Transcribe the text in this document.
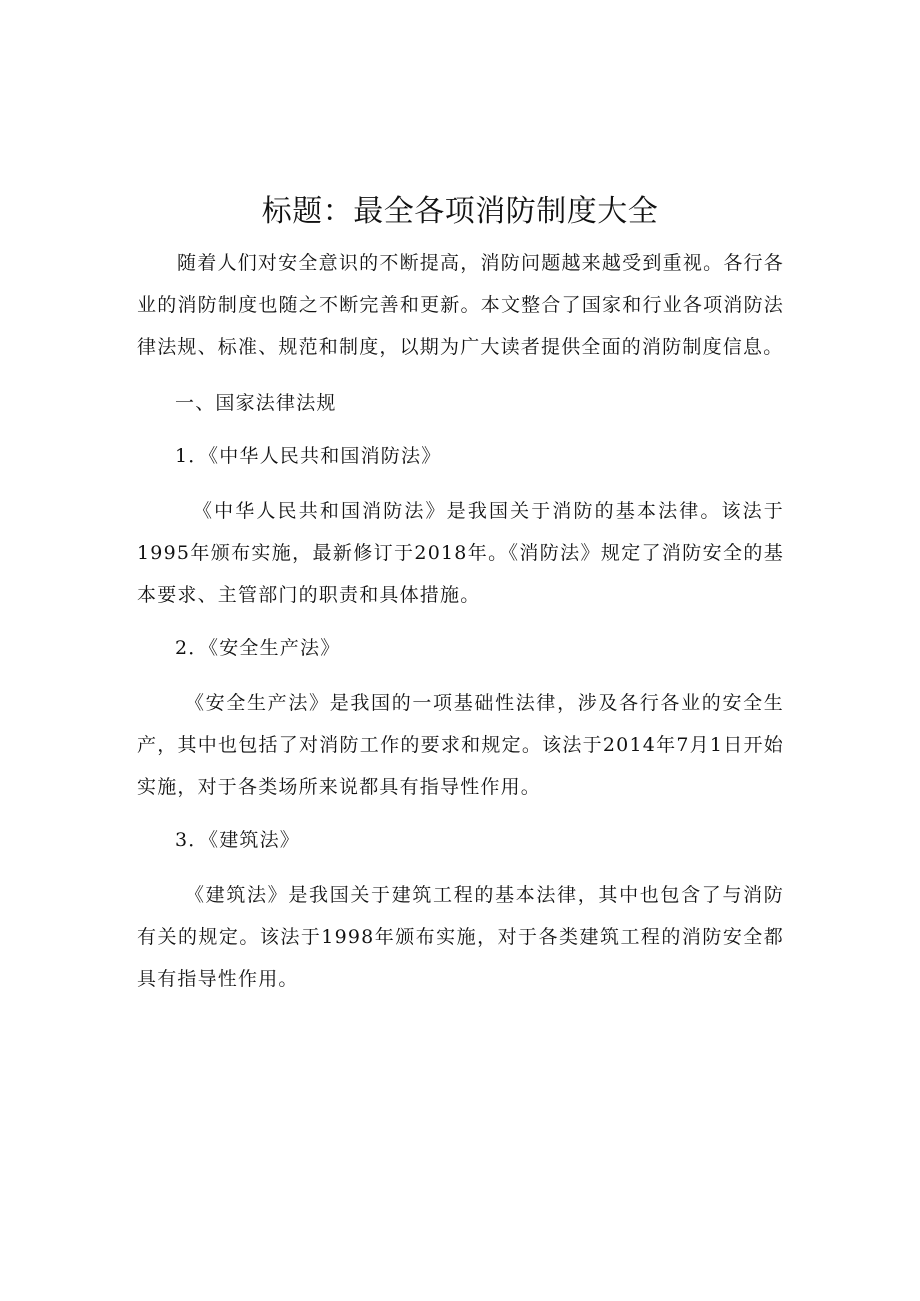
标题：最全各项消防制度大全

随着人们对安全意识的不断提高，消防问题越来越受到重视。各行各业的消防制度也随之不断完善和更新。本文整合了国家和行业各项消防法律法规、标准、规范和制度，以期为广大读者提供全面的消防制度信息。

一、国家法律法规

1．《中华人民共和国消防法》

《中华人民共和国消防法》是我国关于消防的基本法律。该法于1995年颁布实施，最新修订于2018年。《消防法》规定了消防安全的基本要求、主管部门的职责和具体措施。

2．《安全生产法》

《安全生产法》是我国的一项基础性法律，涉及各行各业的安全生产，其中也包括了对消防工作的要求和规定。该法于2014年7月1日开始实施，对于各类场所来说都具有指导性作用。

3．《建筑法》

《建筑法》是我国关于建筑工程的基本法律，其中也包含了与消防有关的规定。该法于1998年颁布实施，对于各类建筑工程的消防安全都具有指导性作用。
